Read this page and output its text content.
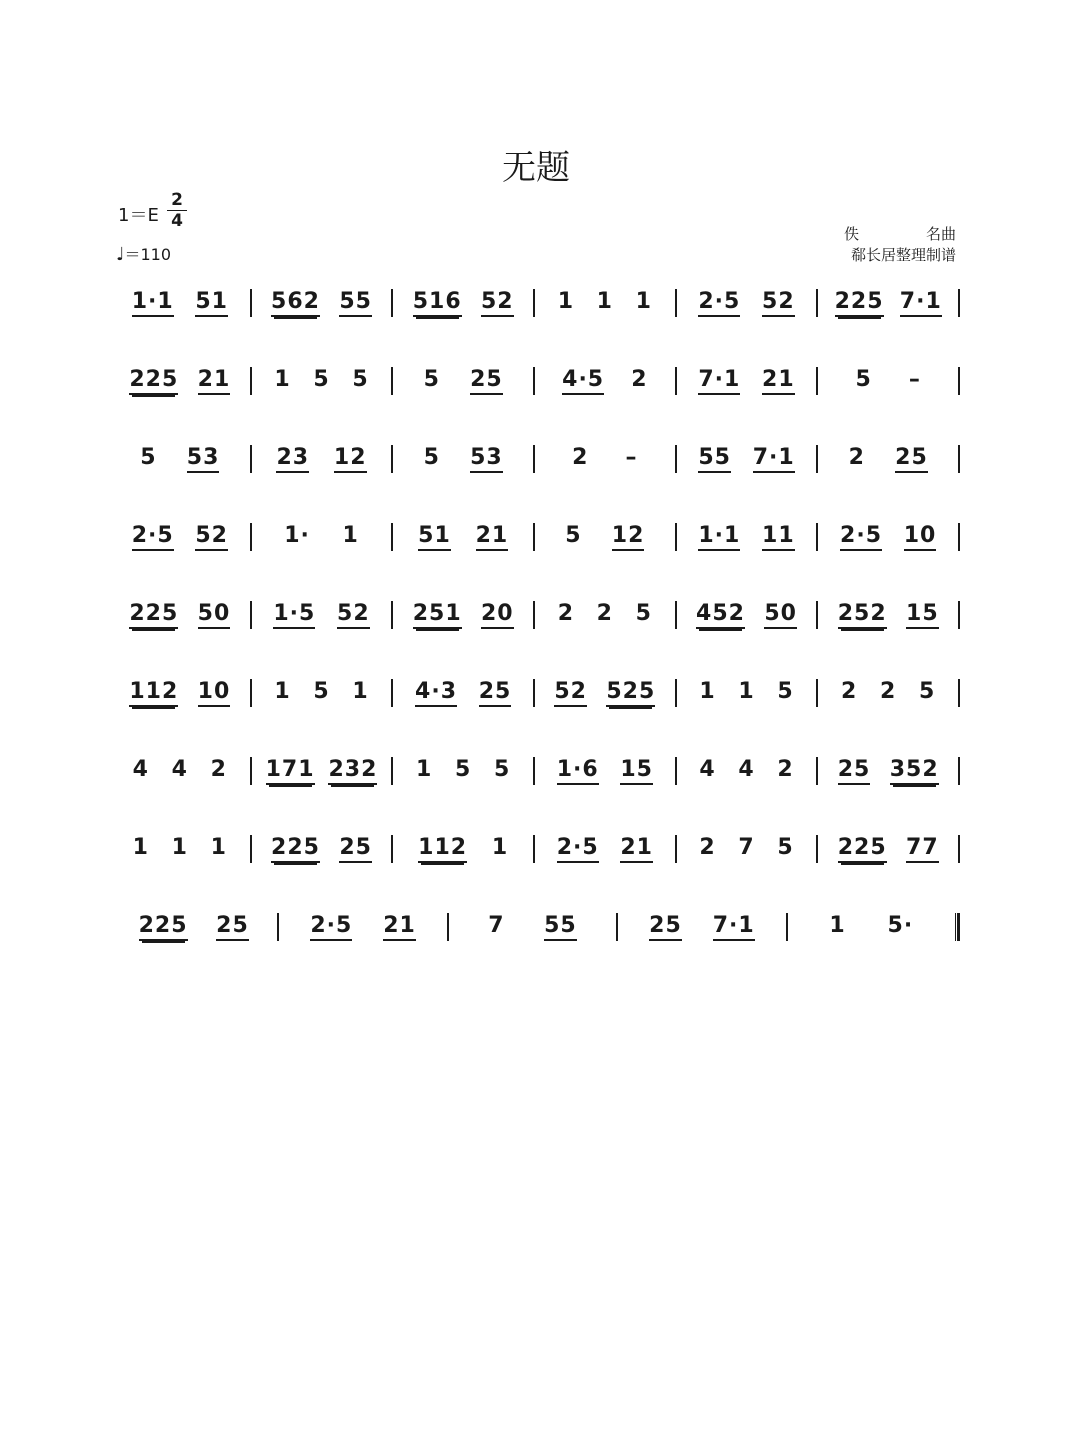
无题
1＝E
2
4
♩＝110
佚	名曲
郗长居整理制谱
1·1 51 562 55 516 52 1 1 1 2·5 52 225 7·1
225 21 1 5 5 5 25	4·5 2 7·1 21	5 –
5 53	23 12	5 53	2 –	55 7·1 2 25
2·5 52	1· 1	51 21	5 12 1·1 11 2·5 10
225 50 1·5 52 251 20 2 2 5 452 50 252 15
112 10 1 5 1 4·3 25 52 525 1 1 5 2 2 5
4 4 2 171 232 1 5 5 1·6 15 4 4 2 25 352
1 1 1 225 25 112 1 2·5 21 2 7 5 225 77
225 25	2·5 21	7 55	25 7·1	1 5·
